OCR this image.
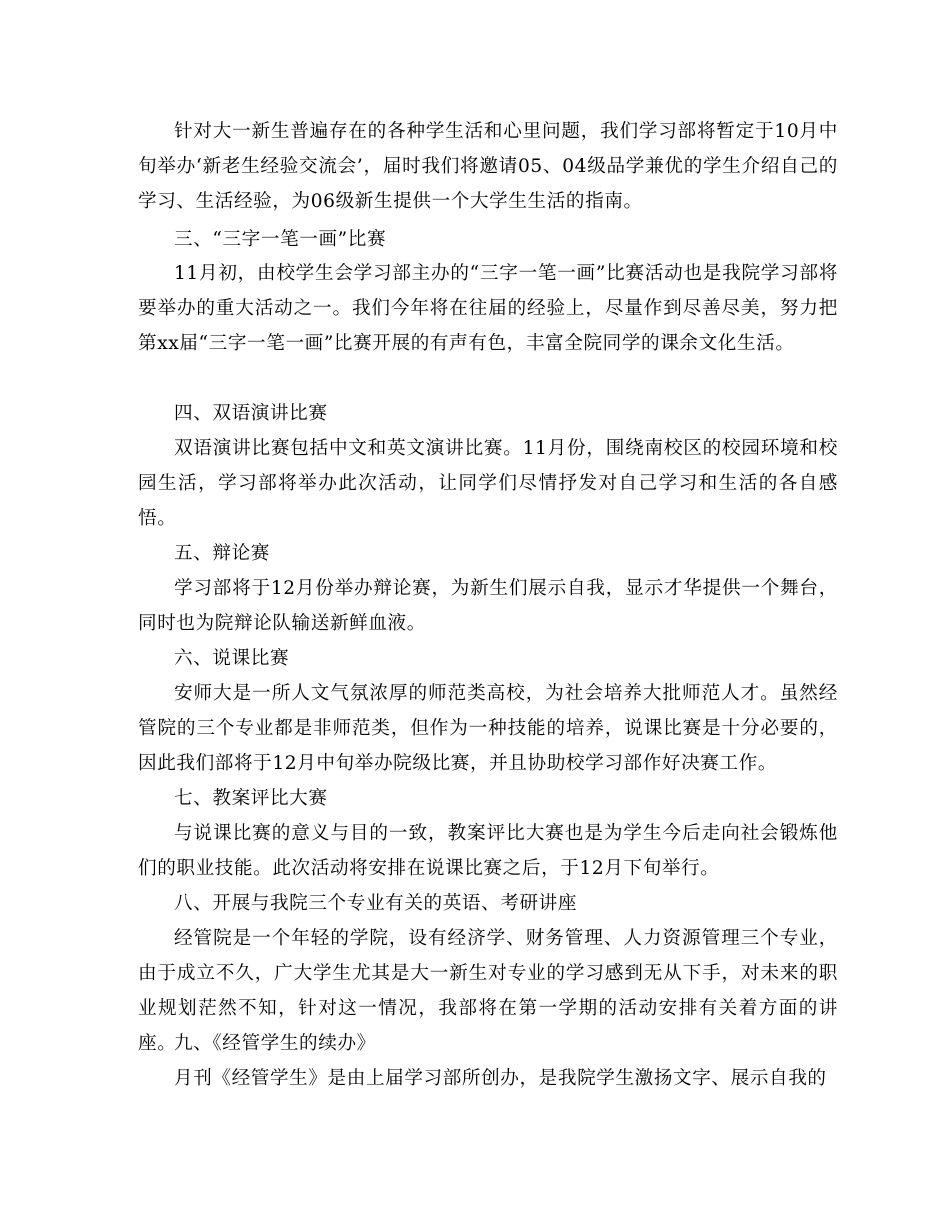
针对大一新生普遍存在的各种学生活和心里问题，我们学习部将暂定于10月中旬举办‘新老生经验交流会’，届时我们将邀请05、04级品学兼优的学生介绍自己的学习、生活经验，为06级新生提供一个大学生生活的指南。

三、“三字一笔一画”比赛

11月初，由校学生会学习部主办的“三字一笔一画”比赛活动也是我院学习部将要举办的重大活动之一。我们今年将在往届的经验上，尽量作到尽善尽美，努力把第xx届“三字一笔一画”比赛开展的有声有色，丰富全院同学的课余文化生活。

四、双语演讲比赛

双语演讲比赛包括中文和英文演讲比赛。11月份，围绕南校区的校园环境和校园生活，学习部将举办此次活动，让同学们尽情抒发对自己学习和生活的各自感悟。

五、辩论赛

学习部将于12月份举办辩论赛，为新生们展示自我，显示才华提供一个舞台，同时也为院辩论队输送新鲜血液。

六、说课比赛

安师大是一所人文气氛浓厚的师范类高校，为社会培养大批师范人才。虽然经管院的三个专业都是非师范类，但作为一种技能的培养，说课比赛是十分必要的，因此我们部将于12月中旬举办院级比赛，并且协助校学习部作好决赛工作。

七、教案评比大赛

与说课比赛的意义与目的一致，教案评比大赛也是为学生今后走向社会锻炼他们的职业技能。此次活动将安排在说课比赛之后，于12月下旬举行。

八、开展与我院三个专业有关的英语、考研讲座

经管院是一个年轻的学院，设有经济学、财务管理、人力资源管理三个专业，由于成立不久，广大学生尤其是大一新生对专业的学习感到无从下手，对未来的职业规划茫然不知，针对这一情况，我部将在第一学期的活动安排有关着方面的讲座。

九、《经管学生的续办》

月刊《经管学生》是由上届学习部所创办，是我院学生激扬文字、展示自我的
